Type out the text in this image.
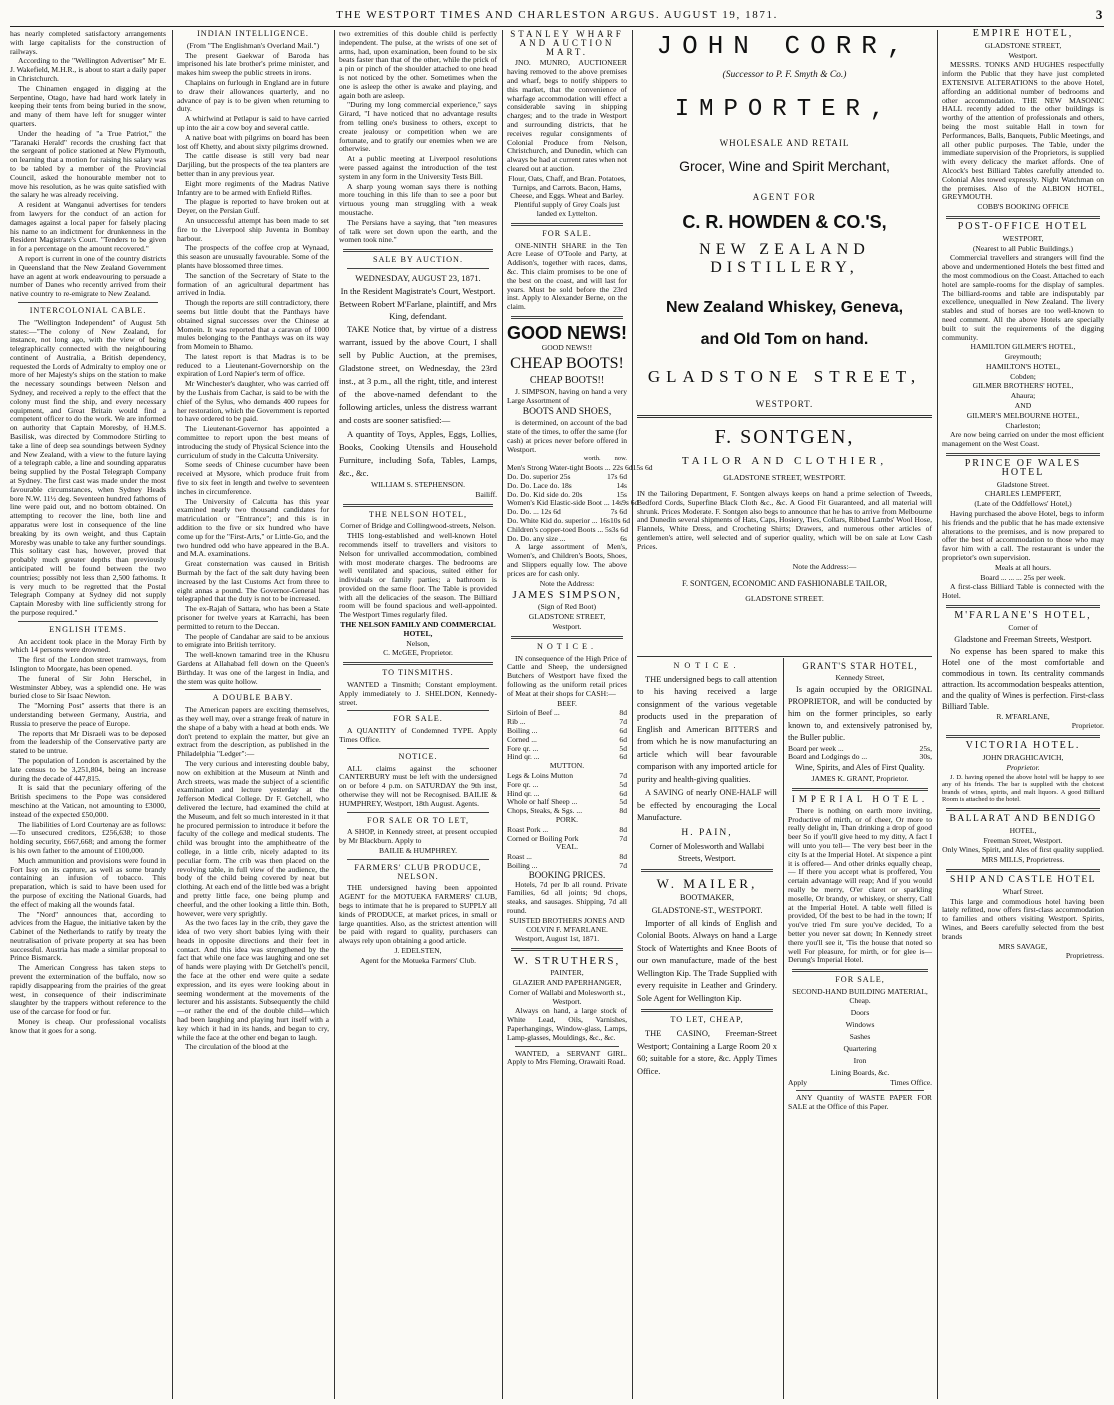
THE WESTPORT TIMES AND CHARLESTON ARGUS. AUGUST 19, 1871.	3

has nearly completed satisfactory arrangements with large capitalists for the construction of railways.

According to the "Wellington Advertiser" Mr E. J. Wakefield, M.H.R., is about to start a daily paper in Christchurch.

The Chinamen engaged in digging at the Serpentine, Otago, have had hard work lately in keeping their tents from being buried in the snow, and many of them have left for snugger winter quarters.

Under the heading of "a True Patriot," the "Taranaki Herald" records the crushing fact that the sergeant of police stationed at New Plymouth, on learning that a motion for raising his salary was to be tabled by a member of the Provincial Council, asked the honourable member not to move his resolution, as he was quite satisfied with the salary he was already receiving.

A resident at Wanganui advertises for tenders from lawyers for the conduct of an action for damages against a local paper for falsely placing his name to an indictment for drunkenness in the Resident Magistrate's Court. "Tenders to be given in for a percentage on the amount recovered."

A report is current in one of the country districts in Queensland that the New Zealand Government have an agent at work endeavouring to persuade a number of Danes who recently arrived from their native country to re-emigrate to New Zealand.

INTERCOLONIAL CABLE.

The "Wellington Independent" of August 5th states:—"The colony of New Zealand, for instance, not long ago, with the view of being telegraphically connected with the neighbouring continent of Australia, a British dependency, requested the Lords of Admiralty to employ one or more of her Majesty's ships on the station to make the necessary soundings between Nelson and Sydney, and received a reply to the effect that the colony must find the ship, and every necessary equipment, and Great Britain would find a competent officer to do the work. We are informed on authority that Captain Moresby, of H.M.S. Basilisk, was directed by Commodore Stirling to take a line of deep sea soundings between Sydney and New Zealand, with a view to the future laying of a telegraph cable, a line and sounding apparatus being supplied by the Postal Telegraph Company at Sydney. The first cast was made under the most favourable circumstances, when Sydney Heads bore N.W. 11½ deg. Seventeen hundred fathoms of line were paid out, and no bottom obtained. On attempting to recover the line, both line and apparatus were lost in consequence of the line breaking by its own weight, and thus Captain Moresby was unable to take any further soundings. This solitary cast has, however, proved that probably much greater depths than previously anticipated will be found between the two countries; possibly not less than 2,500 fathoms. It is very much to be regretted that the Postal Telegraph Company at Sydney did not supply Captain Moresby with line sufficiently strong for the purpose required."

ENGLISH ITEMS.

An accident took place in the Moray Firth by which 14 persons were drowned.

The first of the London street tramways, from Islington to Moorgate, has been opened.

The funeral of Sir John Herschel, in Westminster Abbey, was a splendid one. He was buried close to Sir Isaac Newton.

The "Morning Post" asserts that there is an understanding between Germany, Austria, and Russia to preserve the peace of Europe.

The reports that Mr Disraeli was to be deposed from the leadership of the Conservative party are stated to be untrue.

The population of London is ascertained by the late census to be 3,251,804, being an increase during the decade of 447,815.

It is said that the pecuniary offering of the British specimens to the Pope was considered meschino at the Vatican, not amounting to £3000, instead of the expected £50,000.

The liabilities of Lord Courtenay are as follows:—To unsecured creditors, £256,638; to those holding security, £667,668; and among the former is his own father to the amount of £100,000.

Much ammunition and provisions were found in Fort Issy on its capture, as well as some brandy containing an infusion of tobacco. This preparation, which is said to have been used for the purpose of exciting the National Guards, had the effect of making all the wounds fatal.

The "Nord" announces that, according to advices from the Hague, the initiative taken by the Cabinet of the Netherlands to ratify by treaty the neutralisation of private property at sea has been successful. Austria has made a similar proposal to Prince Bismarck.

The American Congress has taken steps to prevent the extermination of the buffalo, now so rapidly disappearing from the prairies of the great west, in consequence of their indiscriminate slaughter by the trappers without reference to the use of the carcase for food or fur.

Money is cheap. Our professional vocalists know that it goes for a song.

INDIAN INTELLIGENCE.

(From "The Englishman's Overland Mail.")

The present Gaekwar of Baroda has imprisoned his late brother's prime minister, and makes him sweep the public streets in irons.

Chaplains on furlough in England are in future to draw their allowances quarterly, and no advance of pay is to be given when returning to duty.

A whirlwind at Petlapur is said to have carried up into the air a cow boy and several cattle.

A native boat with pilgrims on board has been lost off Khetty, and about sixty pilgrims drowned.

The cattle disease is still very bad near Darjiling, but the prospects of the tea planters are better than in any previous year.

Eight more regiments of the Madras Native Infantry are to be armed with Enfield Rifles.

The plague is reported to have broken out at Deyer, on the Persian Gulf.

An unsuccessful attempt has been made to set fire to the Liverpool ship Juventa in Bombay harbour.

The prospects of the coffee crop at Wynaad, this season are unusually favourable. Some of the plants have blossomed three times.

The sanction of the Secretary of State to the formation of an agricultural department has arrived in India.

Though the reports are still contradictory, there seems but little doubt that the Panthays have obtained signal successes over the Chinese at Momein. It was reported that a caravan of 1000 mules belonging to the Panthays was on its way from Momein to Bhamo.

The latest report is that Madras is to be reduced to a Lieutenant-Governorship on the expiration of Lord Napier's term of office.

Mr Winchester's daughter, who was carried off by the Lushais from Cachar, is said to be with the chief of the Sylus, who demands 400 rupees for her restoration, which the Government is reported to have ordered to be paid.

The Lieutenant-Governor has appointed a committee to report upon the best means of introducing the study of Physical Science into the curriculum of study in the Calcutta University.

Some seeds of Chinese cucumber have been received at Mysore, which produce fruit from five to six feet in length and twelve to seventeen inches in circumference.

The University of Calcutta has this year examined nearly two thousand candidates for matriculation or "Entrance"; and this is in addition to the five or six hundred who have come up for the "First-Arts," or Little-Go, and the two hundred odd who have appeared in the B.A. and M.A. examinations.

Great consternation was caused in British Burmah by the fact of the salt duty having been increased by the last Customs Act from three to eight annas a pound. The Governor-General has telegraphed that the duty is not to be increased.

The ex-Rajah of Sattara, who has been a State prisoner for twelve years at Karrachi, has been permitted to return to the Deccan.

The people of Candahar are said to be anxious to emigrate into British territory.

The well-known tamarind tree in the Khusru Gardens at Allahabad fell down on the Queen's Birthday. It was one of the largest in India, and the stem was quite hollow.

A DOUBLE BABY.

The American papers are exciting themselves, as they well may, over a strange freak of nature in the shape of a baby with a head at both ends. We don't pretend to explain the matter, but give an extract from the description, as published in the Philadelphia "Ledger":—

The very curious and interesting double baby, now on exhibition at the Museum at Ninth and Arch streets, was made the subject of a scientific examination and lecture yesterday at the Jefferson Medical College. Dr F. Getchell, who delivered the lecture, had examined the child at the Museum, and felt so much interested in it that he procured permission to introduce it before the faculty of the college and medical students. The child was brought into the amphitheatre of the college, in a little crib, nicely adapted to its peculiar form. The crib was then placed on the revolving table, in full view of the audience, the body of the child being covered by neat but clothing. At each end of the little bed was a bright and pretty little face, one being plump and cheerful, and the other looking a little thin. Both, however, were very sprightly.

As the two faces lay in the crib, they gave the idea of two very short babies lying with their heads in opposite directions and their feet in contact. And this idea was strengthened by the fact that while one face was laughing and one set of hands were playing with Dr Getchell's pencil, the face at the other end were quite a sedate expression, and its eyes were looking about in seeming wonderment at the movements of the lecturer and his assistants. Subsequently the child—or rather the end of the double child—which had been laughing and playing hurt itself with a key which it had in its hands, and began to cry, while the face at the other end began to laugh.

The circulation of the blood at the

two extremities of this double child is perfectly independent. The pulse, at the wrists of one set of arms, had, upon examination, been found to be six beats faster than that of the other, while the prick of a pin or pinch of the shoulder attached to one head is not noticed by the other. Sometimes when the one is asleep the other is awake and playing, and again both are asleep.

"During my long commercial experience," says Girard, "I have noticed that no advantage results from telling one's business to others, except to create jealousy or competition when we are fortunate, and to gratify our enemies when we are otherwise.

At a public meeting at Liverpool resolutions were passed against the introduction of the test system in any form in the University Tests Bill.

A sharp young woman says there is nothing more touching in this life than to see a poor but virtuous young man struggling with a weak moustache.

The Persians have a saying, that "ten measures of talk were set down upon the earth, and the women took nine."

SALE BY AUCTION.

WEDNESDAY, AUGUST 23, 1871.

In the Resident Magistrate's Court, Westport.

Between Robert M'Farlane, plaintiff, and Mrs King, defendant.

TAKE Notice that, by virtue of a distress warrant, issued by the above Court, I shall sell by Public Auction, at the premises, Gladstone street, on Wednesday, the 23rd inst., at 3 p.m., all the right, title, and interest of the above-named defendant to the following articles, unless the distress warrant and costs are sooner satisfied:—

A quantity of Toys, Apples, Eggs, Lollies, Books, Cooking Utensils and Household Furniture, including Sofa, Tables, Lamps, &c., &c.

WILLIAM S. STEPHENSON.

Bailiff.

THE NELSON HOTEL,

Corner of Bridge and Collingwood-streets, Nelson.

THIS long-established and well-known Hotel recommends itself to travellers and visitors to Nelson for unrivalled accommodation, combined with most moderate charges. The bedrooms are well ventilated and spacious, suited either for individuals or family parties; a bathroom is provided on the same floor. The Table is provided with all the delicacies of the season. The Billiard room will be found spacious and well-appointed. The Westport Times regularly filed.

THE NELSON FAMILY AND COMMERCIAL HOTEL,

Nelson,

C. McGEE, Proprietor.

TO TINSMITHS.

WANTED a Tinsmith; Constant employment. Apply immediately to J. SHELDON, Kennedy-street.

FOR SALE.

A QUANTITY of Condemned TYPE. Apply Times Office.

NOTICE.

ALL claims against the schooner CANTERBURY must be left with the undersigned on or before 4 p.m. on SATURDAY the 9th inst, otherwise they will not be Recognised. BAILIE & HUMPHREY, Westport, 18th August. Agents.

FOR SALE OR TO LET,

A SHOP, in Kennedy street, at present occupied by Mr Blackburn. Apply to

BAILIE & HUMPHREY.

FARMERS' CLUB PRODUCE, NELSON.

THE undersigned having been appointed AGENT for the MOTUEKA FARMERS' CLUB, begs to intimate that he is prepared to SUPPLY all kinds of PRODUCE, at market prices, in small or large quantities. Also, as the strictest attention will be paid with regard to quality, purchasers can always rely upon obtaining a good article.

J. EDELSTEN,

Agent for the Motueka Farmers' Club.

STANLEY WHARF AND AUCTION MART.

JNO. MUNRO, AUCTIONEER having removed to the above premises and wharf, begs to notify shippers to this market, that the convenience of wharfage accommodation will effect a considerable saving in shipping charges; and to the trade in Westport and surrounding districts, that he receives regular consignments of Colonial Produce from Nelson, Christchurch, and Dunedin, which can always be had at current rates when not cleared out at auction.

Flour, Oats, Chaff, and Bran. Potatoes, Turnips, and Carrots. Bacon, Hams, Cheese, and Eggs. Wheat and Barley. Plentiful supply of Grey Coals just landed ex Lyttelton.

FOR SALE.

ONE-NINTH SHARE in the Ten Acre Lease of O'Toole and Party, at Addison's, together with races, dams, &c. This claim promises to be one of the best on the coast, and will last for years. Must be sold before the 23rd inst. Apply to Alexander Berne, on the claim.

GOOD NEWS!

GOOD NEWS!!

CHEAP BOOTS!

CHEAP BOOTS!!

J. SIMPSON, having on hand a very Large Assortment of

BOOTS AND SHOES,

is determined, on account of the bad state of the times, to offer the same (for cash) at prices never before offered in Westport.

worth. now.
Men's Strong Water-tight Boots ... 22s 6d 15s 6d
Do. Do. superior 25s	17s 6d
Do. Do. Lace do. 18s	14s
Do. Do. Kid side do. 20s	15s
Women's Kid Elastic-side Boot ... 14s 9s 6d
Do. Do. ... 12s 6d	7s 6d
Do. White Kid do. superior ... 16s 10s 6d
Children's copper-toed Boots ... 5s 3s 6d
Do. Do. any size ...	6s

A large assortment of Men's, Women's, and Children's Boots, Shoes, and Slippers equally low. The above prices are for cash only.

Note the Address:

JAMES SIMPSON,

(Sign of Red Boot)

GLADSTONE STREET,

Westport.

NOTICE.

IN consequence of the High Price of Cattle and Sheep, the undersigned Butchers of Westport have fixed the following as the uniform retail prices of Meat at their shops for CASH:—

BEEF.

Sirloin of Beef ...	8d
Rib ...	7d
Boiling ...	6d
Corned ...	6d
Fore qr. ...	5d
Hind qr. ...	6d

MUTTON.

Legs & Loins Mutton	7d
Fore qr. ...	5d
Hind qr. ...	6d
Whole or half Sheep ...	5d
Chops, Steaks, & Sgs. ...	8d

PORK.

Roast Pork ...	8d
Corned or Boiling Pork	7d

VEAL.

Roast ...	8d
Boiling ...	7d

BOOKING PRICES.

Hotels, 7d per lb all round. Private Families, 6d all joints; 9d chops, steaks, and sausages. Shipping, 7d all round.

SUISTED BROTHERS JONES AND COLVIN F. M'FARLANE.

Westport, August 1st, 1871.

W. STRUTHERS,

PAINTER,

GLAZIER AND PAPERHANGER,

Corner of Wallabi and Molesworth st., Westport.

Always on hand, a large stock of White Lead, Oils, Varnishes, Paperhangings, Window-glass, Lamps, Lamp-glasses, Mouldings, &c., &c.

WANTED, a SERVANT GIRL. Apply to Mrs Fleming, Orawaiti Road.

JOHN CORR,
(Successor to P. F. Smyth & Co.)
IMPORTER,
WHOLESALE AND RETAIL
Grocer, Wine and Spirit Merchant,
AGENT FOR
C. R. HOWDEN & CO.'S,
NEW ZEALAND DISTILLERY,
New Zealand Whiskey, Geneva,
and Old Tom on hand.
GLADSTONE STREET,
WESTPORT.
F. SONTGEN,
TAILOR AND CLOTHIER,
GLADSTONE STREET, WESTPORT.
IN the Tailoring Department, F. Sontgen always keeps on hand a prime selection of Tweeds, Bedford Cords, Superfine Black Cloth &c., &c. A Good Fit Guaranteed, and all material will shrunk. Prices Moderate. F. Sontgen also begs to announce that he has to arrive from Melbourne and Dunedin several shipments of Hats, Caps, Hosiery, Ties, Collars, Ribbed Lambs' Wool Hose, Flannels, White Dress, and Crocheting Shirts; Drawers, and numerous other articles of gentlemen's attire, well selected and of superior quality, which will be on sale at Low Cash Prices.
Note the Address:—
F. SONTGEN, ECONOMIC AND FASHIONABLE TAILOR,
GLADSTONE STREET.

NOTICE.

THE undersigned begs to call attention to his having received a large consignment of the various vegetable products used in the preparation of English and American BITTERS and from which he is now manufacturing an article which will bear favourable comparison with any imported article for purity and health-giving qualities.

A SAVING of nearly ONE-HALF will be effected by encouraging the Local Manufacture.

H. PAIN,

Corner of Molesworth and Wallabi Streets, Westport.

W. MAILER,

BOOTMAKER,

GLADSTONE-ST., WESTPORT.

Importer of all kinds of English and Colonial Boots. Always on hand a Large Stock of Watertights and Knee Boots of our own manufacture, made of the best Wellington Kip. The Trade Supplied with every requisite in Leather and Grindery. Sole Agent for Wellington Kip.

TO LET, CHEAP,

THE CASINO, Freeman-Street Westport; Containing a Large Room 20 x 60; suitable for a store, &c. Apply Times Office.

GRANT'S STAR HOTEL,

Kennedy Street,

Is again occupied by the ORIGINAL PROPRIETOR, and will be conducted by him on the former principles, so early known to, and extensively patronised by, the Buller public.

Board per week ...	25s,
Board and Lodgings do ...	30s,

Wine, Spirits, and Ales of First Quality.

JAMES K. GRANT, Proprietor.

IMPERIAL HOTEL.

There is nothing on earth more inviting, Productive of mirth, or of cheer, Or more to really delight in, Than drinking a drop of good beer So if you'll give heed to my ditty, A fact I will unto you tell— The very best beer in the city Is at the Imperial Hotel. At sixpence a pint it is offered— And other drinks equally cheap,— If there you accept what is proffered, You certain advantage will reap; And if you would really be merry, O'er claret or sparkling moselle, Or brandy, or whiskey, or sherry, Call at the Imperial Hotel. A table well filled is provided, Of the best to be had in the town; If you've tried I'm sure you've decided, To a better you never sat down; In Kennedy street there you'll see it, 'Tis the house that noted so well For pleasure, for mirth, or for glee is— Derung's Imperial Hotel.

FOR SALE,

SECOND-HAND BUILDING MATERIAL, Cheap.

Doors

Windows

Sashes

Quartering

Iron

Lining Boards, &c.

Apply	Times Office.

ANY Quantity of WASTE PAPER FOR SALE at the Office of this Paper.

EMPIRE HOTEL,

GLADSTONE STREET,

Westport.

MESSRS. TONKS AND HUGHES respectfully inform the Public that they have just completed EXTENSIVE ALTERATIONS to the above Hotel, affording an additional number of bedrooms and other accommodation. THE NEW MASONIC HALL recently added to the other buildings is worthy of the attention of professionals and others, being the most suitable Hall in town for Performances, Balls, Banquets, Public Meetings, and all other public purposes. The Table, under the immediate supervision of the Proprietors, is supplied with every delicacy the market affords. One of Alcock's best Billiard Tables carefully attended to. Colonial Ales towed expressly. Night Watchman on the premises. Also of the ALBION HOTEL, GREYMOUTH.

COBB'S BOOKING OFFICE

POST-OFFICE HOTEL

WESTPORT,

(Nearest to all Public Buildings.)

Commercial travellers and strangers will find the above and undermentioned Hotels the best fitted and the most commodious on the Coast. Attached to each hotel are sample-rooms for the display of samples. The billiard-rooms and table are indisputably par excellence, unequalled in New Zealand. The livery stables and stud of horses are too well-known to need comment. All the above Hotels are specially built to suit the requirements of the digging community.

HAMILTON GILMER'S HOTEL,

Greymouth;

HAMILTON'S HOTEL,

Cobden;

GILMER BROTHERS' HOTEL,

Ahaura;

AND

GILMER'S MELBOURNE HOTEL,

Charleston;

Are now being carried on under the most efficient management on the West Coast.

PRINCE OF WALES HOTEL

Gladstone Street.

CHARLES LEMPFERT,

(Late of the Oddfellows' Hotel,)

Having purchased the above Hotel, begs to inform his friends and the public that he has made extensive alterations to the premises, and is now prepared to offer the best of accommodation to those who may favor him with a call. The restaurant is under the proprietor's own supervision.

Meals at all hours.

Board ... ... ... 25s per week.

A first-class Billiard Table is connected with the Hotel.

M'FARLANE'S HOTEL,

Corner of

Gladstone and Freeman Streets, Westport.

No expense has been spared to make this Hotel one of the most comfortable and commodious in town. Its centrality commands attraction. Its accommodation bespeaks attention, and the quality of Wines is perfection. First-class Billiard Table.

R. M'FARLANE,

Proprietor.

VICTORIA HOTEL.

JOHN DRAGHICAVICH,

Proprietor.

J. D. having opened the above hotel will be happy to see any of his friends. The bar is supplied with the choicest brands of wines, spirits, and malt liquors. A good Billiard Room is attached to the hotel.

BALLARAT AND BENDIGO

HOTEL,

Freeman Street, Westport.

Only Wines, Spirit, and Ales of first quality supplied.

MRS MILLS, Proprietress.

SHIP AND CASTLE HOTEL

Wharf Street.

This large and commodious hotel having been lately refitted, now offers first-class accommodation to families and others visiting Westport. Spirits, Wines, and Beers carefully selected from the best brands

MRS SAVAGE,

Proprietress.
